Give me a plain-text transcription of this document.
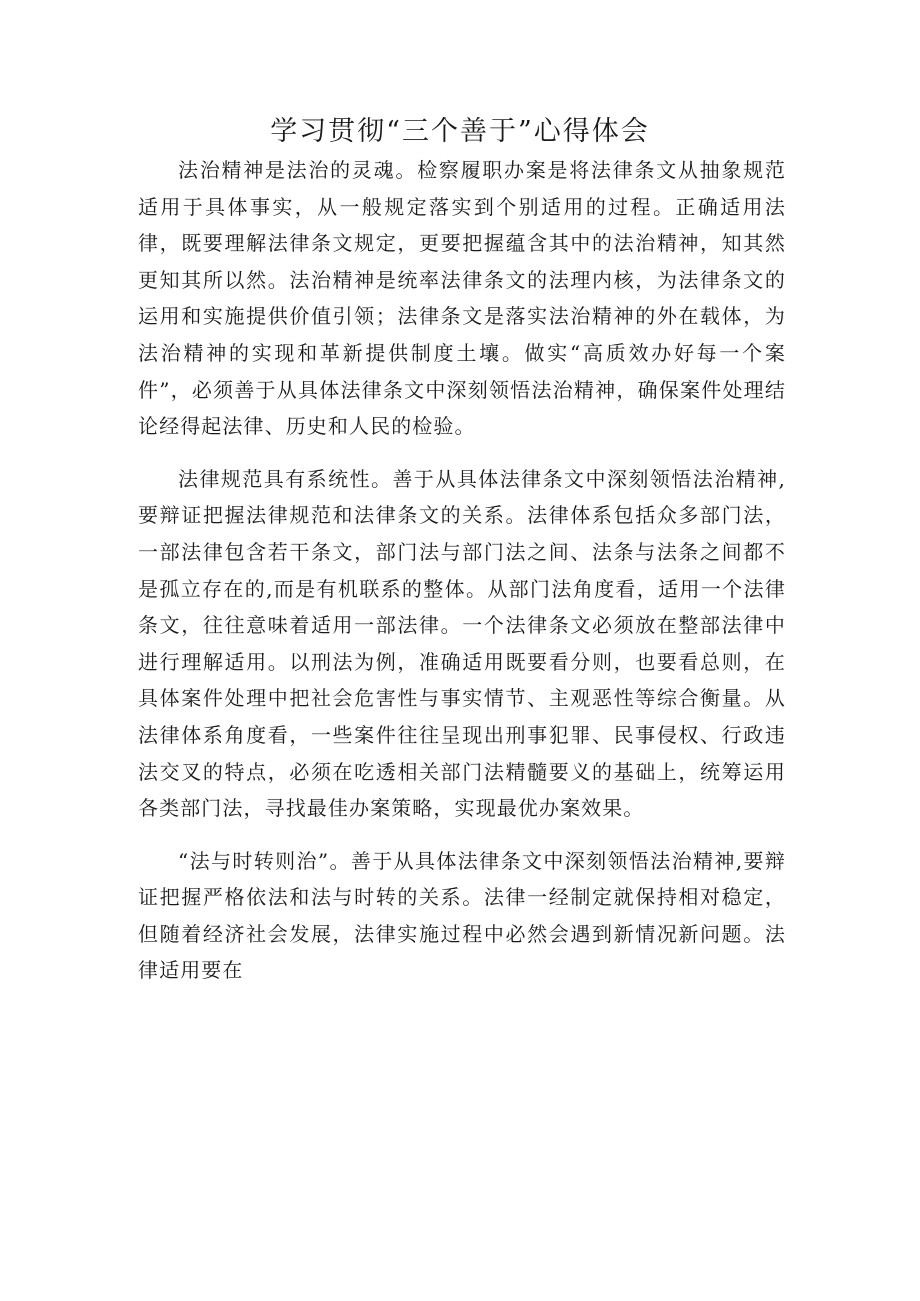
学习贯彻“三个善于”心得体会

法治精神是法治的灵魂。检察履职办案是将法律条文从抽象规范适用于具体事实，从一般规定落实到个别适用的过程。正确适用法律，既要理解法律条文规定，更要把握蕴含其中的法治精神，知其然更知其所以然。法治精神是统率法律条文的法理内核，为法律条文的运用和实施提供价值引领；法律条文是落实法治精神的外在载体，为法治精神的实现和革新提供制度土壤。做实“高质效办好每一个案件”，必须善于从具体法律条文中深刻领悟法治精神，确保案件处理结论经得起法律、历史和人民的检验。

法律规范具有系统性。善于从具体法律条文中深刻领悟法治精神,要辩证把握法律规范和法律条文的关系。法律体系包括众多部门法，一部法律包含若干条文，部门法与部门法之间、法条与法条之间都不是孤立存在的,而是有机联系的整体。从部门法角度看，适用一个法律条文，往往意味着适用一部法律。一个法律条文必须放在整部法律中进行理解适用。以刑法为例，准确适用既要看分则，也要看总则，在具体案件处理中把社会危害性与事实情节、主观恶性等综合衡量。从法律体系角度看，一些案件往往呈现出刑事犯罪、民事侵权、行政违法交叉的特点，必须在吃透相关部门法精髓要义的基础上，统筹运用各类部门法，寻找最佳办案策略，实现最优办案效果。

“法与时转则治”。善于从具体法律条文中深刻领悟法治精神,要辩证把握严格依法和法与时转的关系。法律一经制定就保持相对稳定，但随着经济社会发展，法律实施过程中必然会遇到新情况新问题。法律适用要在
